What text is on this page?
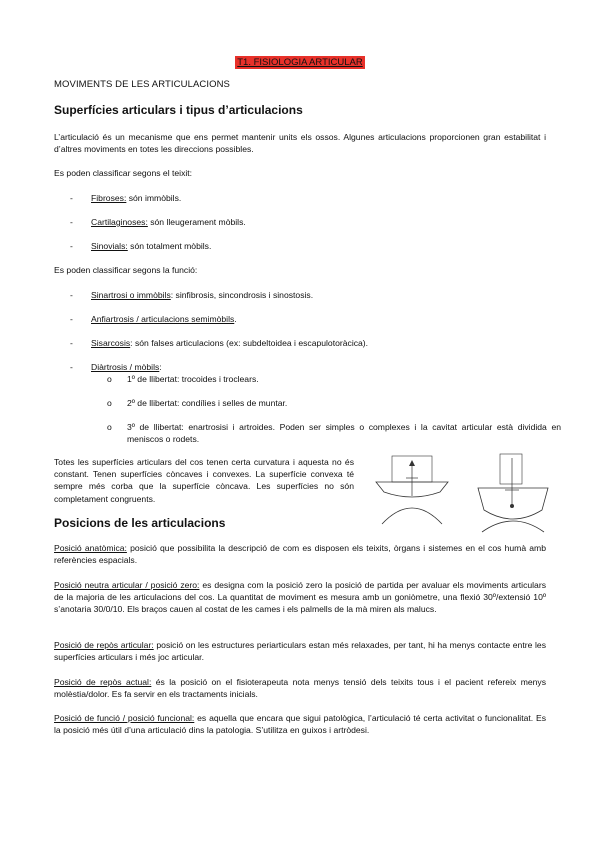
T1. FISIOLOGIA ARTICULAR
MOVIMENTS DE LES ARTICULACIONS
Superfícies articulars i tipus d’articulacions

L’articulació és un mecanisme que ens permet mantenir units els ossos. Algunes articulacions proporcionen gran estabilitat i d’altres moviments en totes les direccions possibles.

Es poden classificar segons el teixit:

- Fibroses: són immòbils.
- Cartilaginoses: són lleugerament mòbils.
- Sinovials: són totalment mòbils.

Es poden classificar segons la funció:

- Sinartrosi o immòbils: sinfibrosis, sincondrosis i sinostosis.
- Anfiartrosis / articulacions semimòbils.
- Sisarcosis: són falses articulacions (ex: subdeltoidea i escapulotoràcica).
- Diàrtrosis / mòbils:
o 1º de llibertat: trocoides i troclears.
o 2º de llibertat: condílies i selles de muntar.
o 3º de llibertat: enartrosisi i artroides. Poden ser simples o complexes i la cavitat articular està dividida en meniscos o rodets.

Totes les superfícies articulars del cos tenen certa curvatura i aquesta no és constant. Tenen superfícies còncaves i convexes. La superfície convexa té sempre més corba que la superfície còncava. Les superfícies no són completament congruents.

Posicions de les articulacions

Posició anatòmica: posició que possibilita la descripció de com es disposen els teixits, òrgans i sistemes en el cos humà amb referències espacials.

Posició neutra articular / posició zero: es designa com la posició zero la posició de partida per avaluar els moviments articulars de la majoria de les articulacions del cos. La quantitat de moviment es mesura amb un goniòmetre, una flexió 30º/extensió 10º s’anotaria 30/0/10. Els braços cauen al costat de les cames i els palmells de la mà miren als malucs.

Posició de repòs articular: posició on les estructures periarticulars estan més relaxades, per tant, hi ha menys contacte entre les superfícies articulars i més joc articular.

Posició de repòs actual: és la posició on el fisioterapeuta nota menys tensió dels teixits tous i el pacient refereix menys molèstia/dolor. Es fa servir en els tractaments inicials.

Posició de funció / posició funcional: es aquella que encara que sigui patològica, l’articulació té certa activitat o funcionalitat. Es la posició més útil d’una articulació dins la patologia. S’utilitza en guixos i artròdesi.
